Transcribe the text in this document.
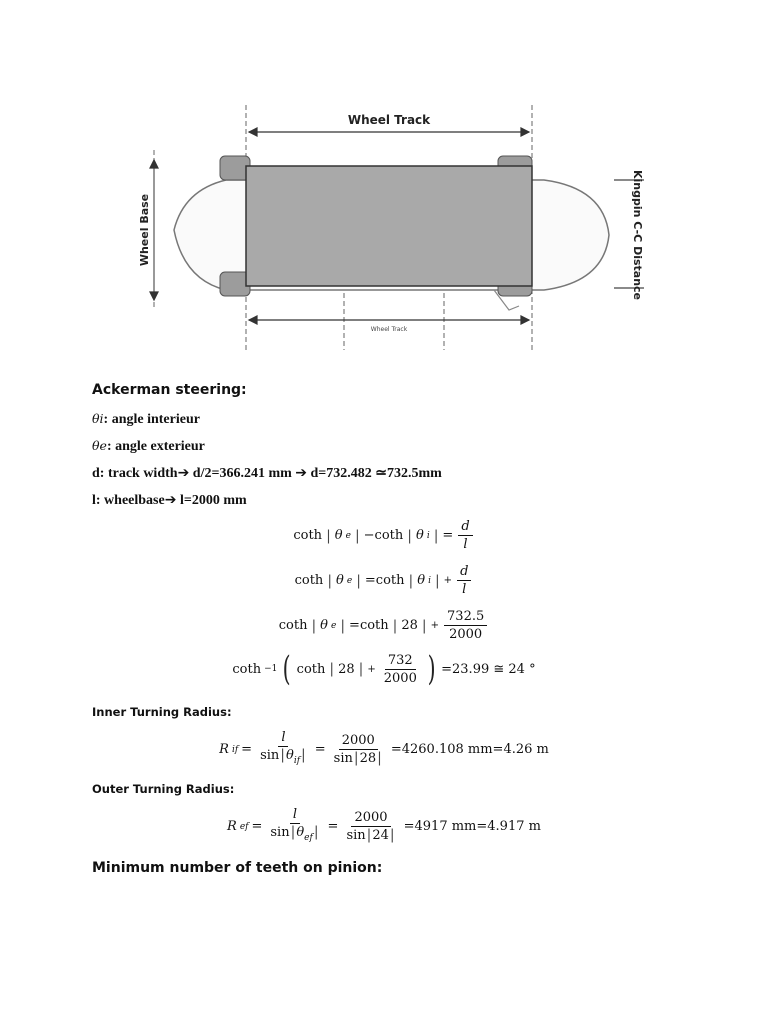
Wheel Track
Wheel Track
Wheel Base	Kingpin C-C Distance
Ackerman steering:
θi: angle interieur
θe: angle exterieur
d: track width➔ d/2=366.241 mm ➔ d=732.482 ≃732.5mm
l: wheelbase➔ l=2000 mm
coth | θ e | −coth | θ i | = $\frac{d}{l}$
coth | θ e | =coth | θ i | + $\frac{d}{l}$
coth | θ e | =coth | 28 | + $\frac{732.5}{2000}$
coth −1 ( coth | 28 | + $\frac{732}{2000}$ ) =23.99 ≅ 24 °
Inner Turning Radius:
R if = $\frac{l}{\sin|\theta_{if}|} = \frac{2000}{\sin|28|} =4260.108$ mm=4.26 m
Outer Turning Radius:
R ef = $\frac{l}{\sin|\theta_{ef}|} = \frac{2000}{\sin|24|} =4917$ mm=4.917 m
Minimum number of teeth on pinion:
